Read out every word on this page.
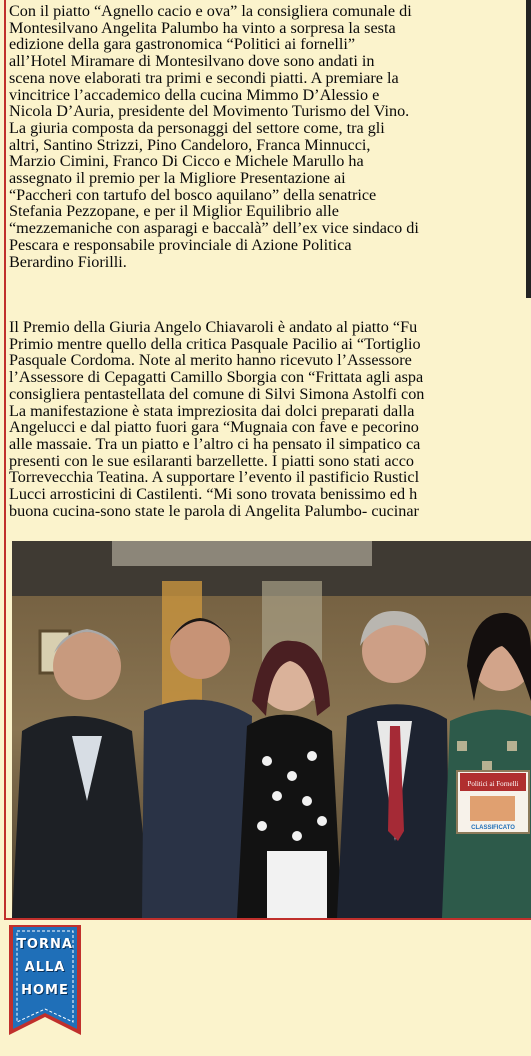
Con il piatto “Agnello cacio e ova” la consigliera comunale di
Montesilvano Angelita Palumbo ha vinto a sorpresa la sesta
edizione della gara gastronomica “Politici ai fornelli”
all’Hotel Miramare di Montesilvano dove sono andati in
scena nove elaborati tra primi e secondi piatti. A premiare la
vincitrice l’accademico della cucina Mimmo D’Alessio e
Nicola D’Auria, presidente del Movimento Turismo del Vino.
La giuria composta da personaggi del settore come, tra gli
altri, Santino Strizzi, Pino Candeloro, Franca Minnucci,
Marzio Cimini, Franco Di Cicco e Michele Marullo ha
assegnato il premio per la Migliore Presentazione ai
“Paccheri con tartufo del bosco aquilano” della senatrice
Stefania Pezzopane, e per il Miglior Equilibrio alle
“mezzemaniche con asparagi e baccalà” dell’ex vice sindaco di
Pescara e responsabile provinciale di Azione Politica
Berardino Fiorilli.
Il Premio della Giuria Angelo Chiavaroli è andato al piatto “Fu
Primio mentre quello della critica Pasquale Pacilio ai “Tortiglio
Pasquale Cordoma. Note al merito hanno ricevuto l’Assessore
l’Assessore di Cepagatti Camillo Sborgia con “Frittata agli aspa
consigliera pentastellata del comune di Silvi Simona Astolfi con
La manifestazione è stata impreziosita dai dolci preparati dalla
Angelucci e dal piatto fuori gara “Mugnaia con fave e pecorino
alle massaie. Tra un piatto e l’altro ci ha pensato il simpatico ca
presenti con le sue esilaranti barzellette. I piatti sono stati acco
Torrevecchia Teatina. A supportare l’evento il pastificio Rusticl
Lucci arrosticini di Castilenti. “Mi sono trovata benissimo ed h
buona cucina-sono state le parola di Angelita Palumbo- cucinar
Politici ai Fornelli
CLASSIFICATO
TORNA
ALLA
HOME
